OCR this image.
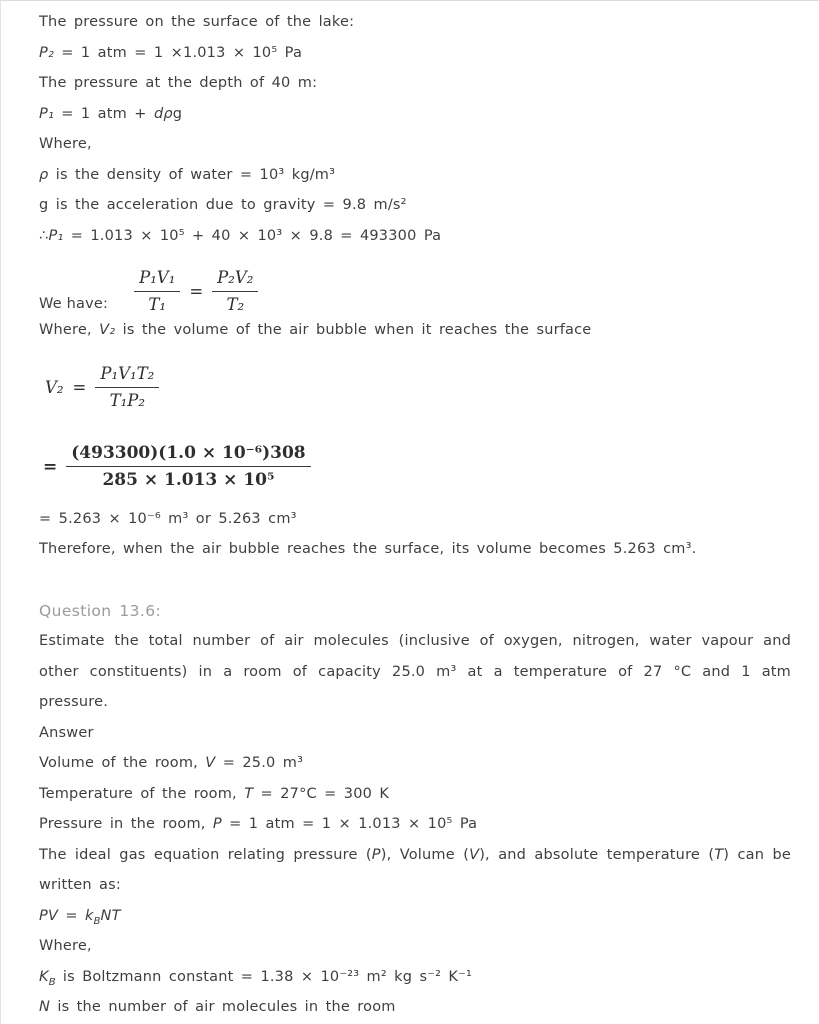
The pressure on the surface of the lake:

P₂ = 1 atm = 1 ×1.013 × 10⁵ Pa

The pressure at the depth of 40 m:

P₁ = 1 atm + dρg

Where,

ρ is the density of water = 10³ kg/m³

g is the acceleration due to gravity = 9.8 m/s²

∴P₁ = 1.013 × 10⁵ + 40 × 10³ × 9.8 = 493300 Pa

We have: $\frac{\text{P₁V₁}}{\text{T₁}} = \frac{\text{P₂V₂}}{\text{T₂}}$

Where, V₂ is the volume of the air bubble when it reaches the surface

$V_2 = \frac{\text{P₁V₁T₂}}{\text{T₁P₂}}$
= $\frac{\text{(493300)(1.0 × 10⁻⁶)308}}{\text{285 × 1.013 × 10⁵}}$

= 5.263 × 10⁻⁶ m³ or 5.263 cm³

Therefore, when the air bubble reaches the surface, its volume becomes 5.263 cm³.

Question 13.6:

Estimate the total number of air molecules (inclusive of oxygen, nitrogen, water vapour and other constituents) in a room of capacity 25.0 m³ at a temperature of 27 °C and 1 atm pressure.

Answer

Volume of the room, V = 25.0 m³

Temperature of the room, T = 27°C = 300 K

Pressure in the room, P = 1 atm = 1 × 1.013 × 10⁵ Pa

The ideal gas equation relating pressure (P), Volume (V), and absolute temperature (T) can be written as:

PV = $k_BNT$

Where,

$K_B$ is Boltzmann constant = 1.38 × 10⁻²³ m² kg s⁻² K⁻¹

N is the number of air molecules in the room
